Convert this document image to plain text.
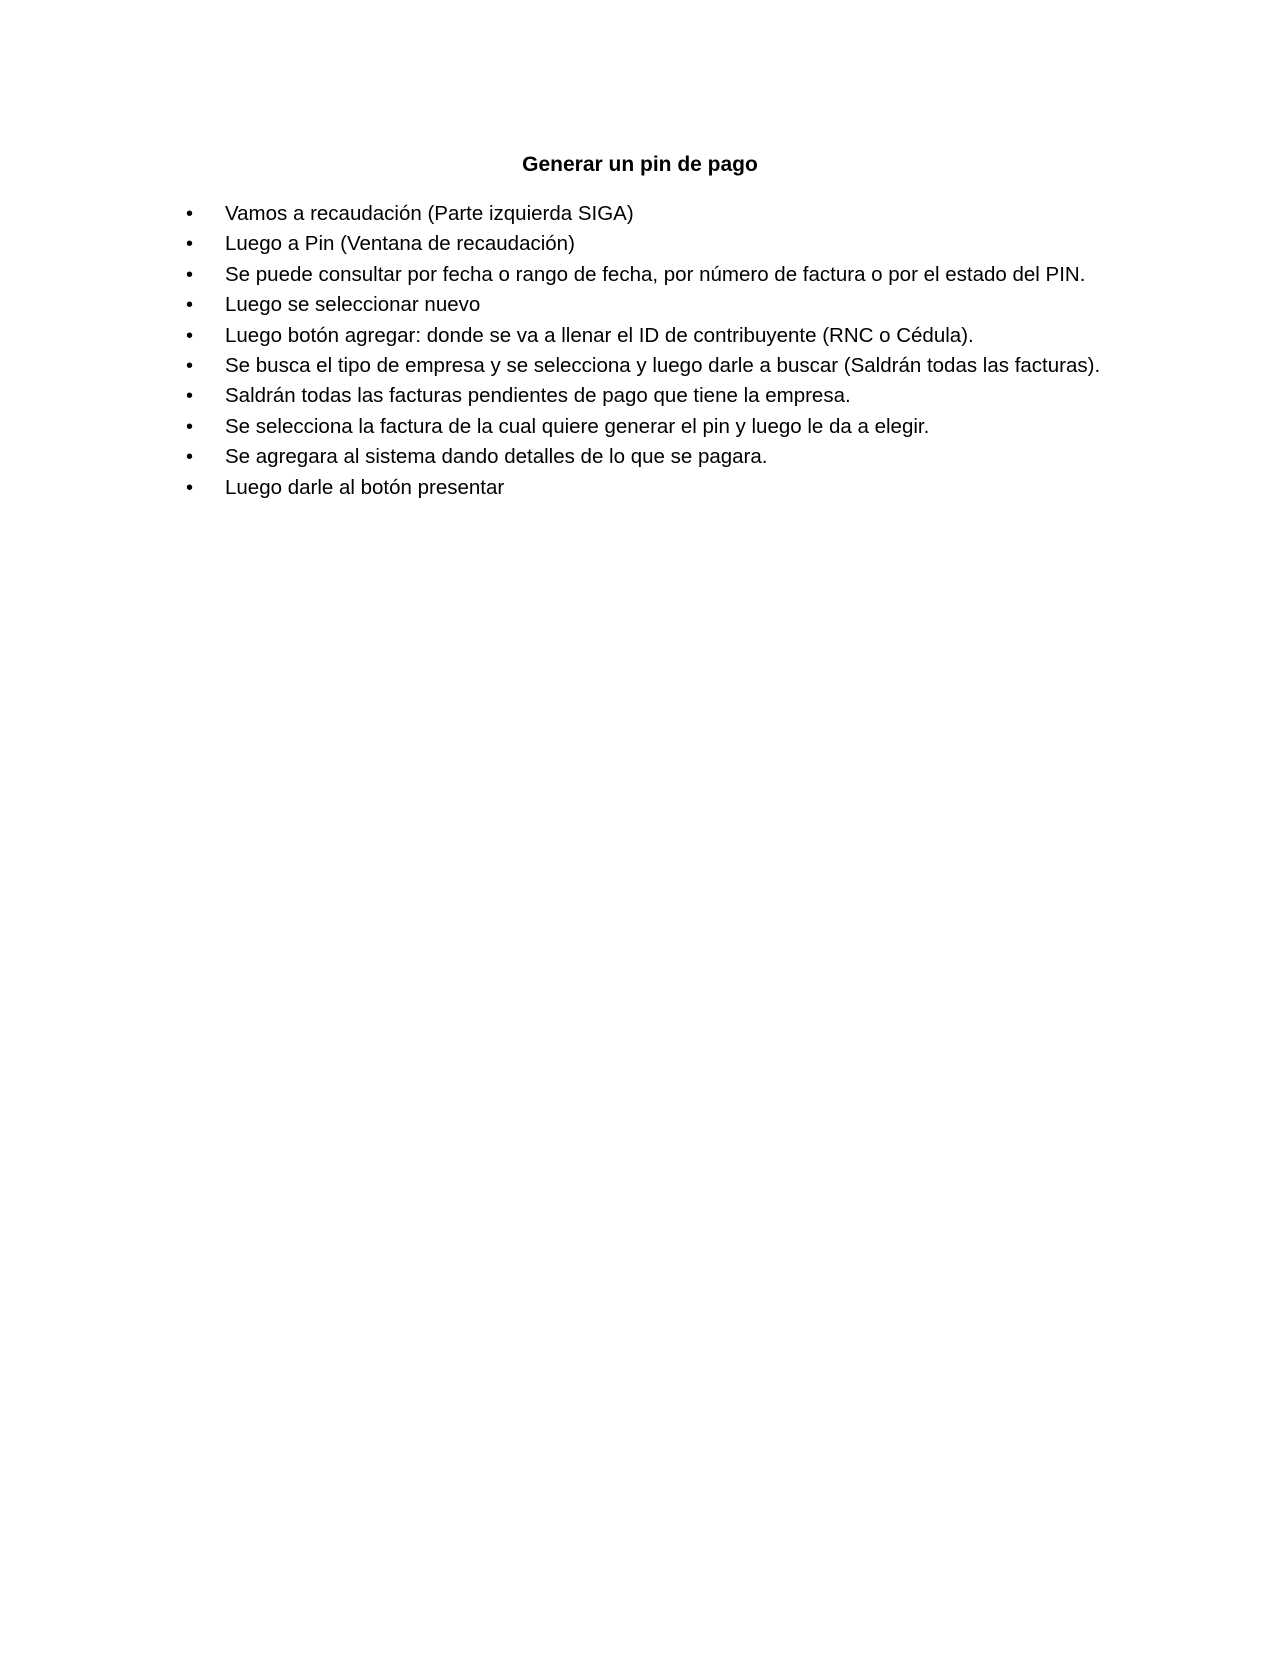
Generar un pin de pago
•	Vamos a recaudación (Parte izquierda SIGA)
•	Luego a Pin (Ventana de recaudación)
•	Se puede consultar por fecha o rango de fecha, por número de factura o por el estado del PIN.
•	Luego se seleccionar nuevo
•	Luego botón agregar: donde se va a llenar el ID de contribuyente (RNC o Cédula).
•	Se busca el tipo de empresa y se selecciona y luego darle a buscar (Saldrán todas las facturas).
•	Saldrán todas las facturas pendientes de pago que tiene la empresa.
•	Se selecciona la factura de la cual quiere generar el pin y luego le da a elegir.
•	Se agregara al sistema dando detalles de lo que se pagara.
•	Luego darle al botón presentar
